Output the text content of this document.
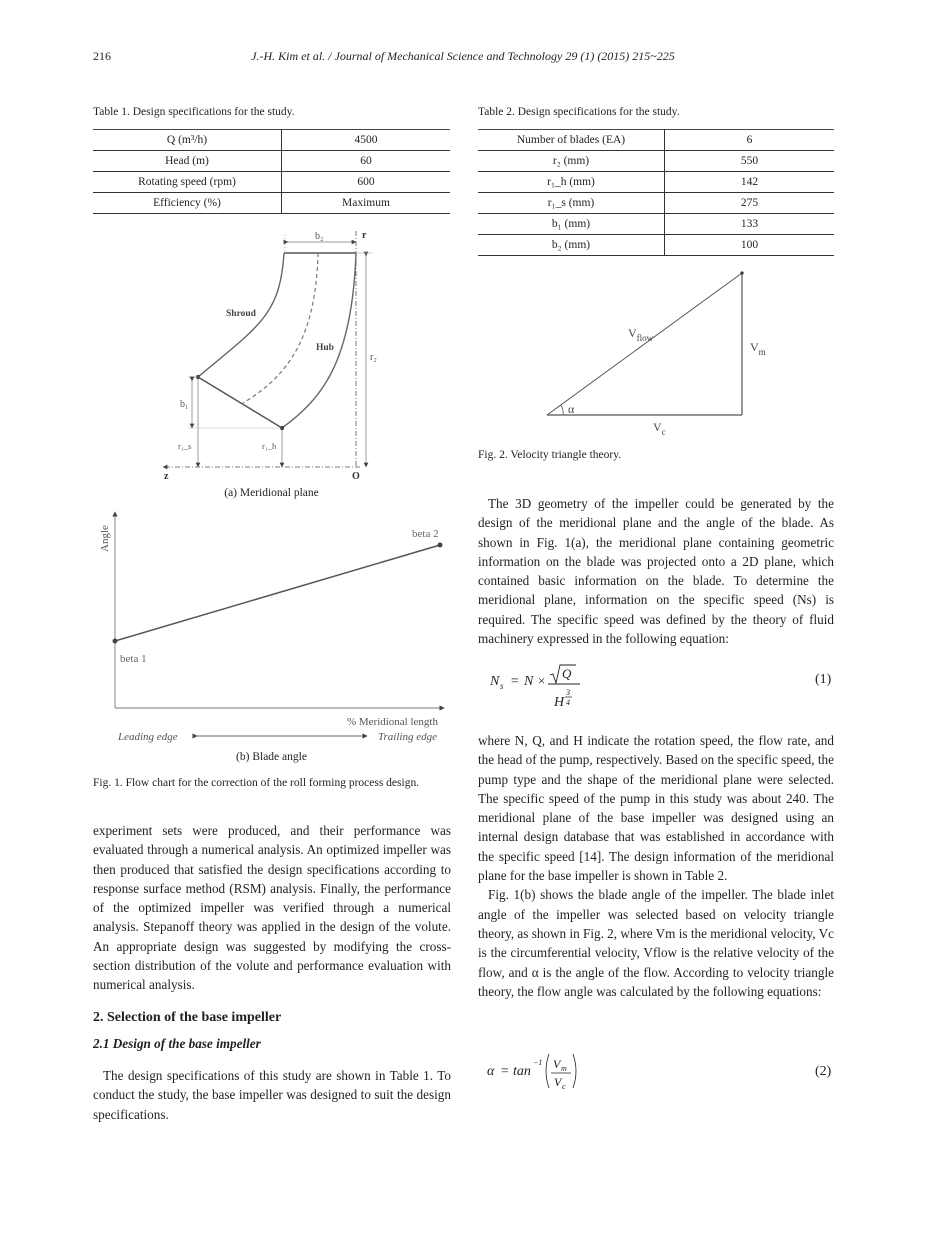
216	J.-H. Kim et al. / Journal of Mechanical Science and Technology 29 (1) (2015) 215~225
Table 1. Design specifications for the study.
Q (m³/h)	4500
Head (m)	60
Rotating speed (rpm)	600
Efficiency (%)	Maximum
Table 2. Design specifications for the study.
Number of blades (EA)	6
r₂ (mm)	550
r₁_h (mm)	142
r₁_s (mm)	275
b₁ (mm)	133
b₂ (mm)	100
b₂	r
Shroud
Hub
r₂
b₁
r₁_s	r₁_h
z	O
(a) Meridional plane
Angle
beta 1
beta 2
% Meridional length
Leading edge	Trailing edge
(b) Blade angle
Fig. 1. Flow chart for the correction of the roll forming process design.
α
$V_{flow}$
$V_m$
$V_c$
Fig. 2. Velocity triangle theory.

experiment sets were produced, and their performance was evaluated through a numerical analysis. An optimized impeller was then produced that satisfied the design specifications according to response surface method (RSM) analysis. Finally, the performance of the optimized impeller was verified through a numerical analysis. Stepanoff theory was applied in the design of the volute. An appropriate design was suggested by modifying the cross-section distribution of the volute and performance evaluation with numerical analysis.

2. Selection of the base impeller
2.1 Design of the base impeller

The design specifications of this study are shown in Table 1. To conduct the study, the base impeller was designed to suit the design specifications.

The 3D geometry of the impeller could be generated by the design of the meridional plane and the angle of the blade. As shown in Fig. 1(a), the meridional plane containing geometric information on the blade was projected onto a 2D plane, which contained basic information on the blade. To determine the meridional plane, information on the specific speed (Ns) is required. The specific speed was defined by the theory of fluid machinery expressed in the following equation:

N s = N × Q
H
3
4
(1)

where N, Q, and H indicate the rotation speed, the flow rate, and the head of the pump, respectively. Based on the specific speed, the pump type and the shape of the meridional plane were selected. The specific speed of the pump in this study was about 240. The meridional plane of the base impeller was designed using an internal design database that was established in accordance with the specific speed [14]. The design information of the meridional plane for the base impeller is shown in Table 2.

Fig. 1(b) shows the blade angle of the impeller. The blade inlet angle of the impeller was selected based on velocity triangle theory, as shown in Fig. 2, where Vm is the meridional velocity, Vc is the circumferential velocity, Vflow is the relative velocity of the flow, and α is the angle of the flow. According to velocity triangle theory, the flow angle was calculated by the following equations:

α = tan
−1 V m
V c
(2)
